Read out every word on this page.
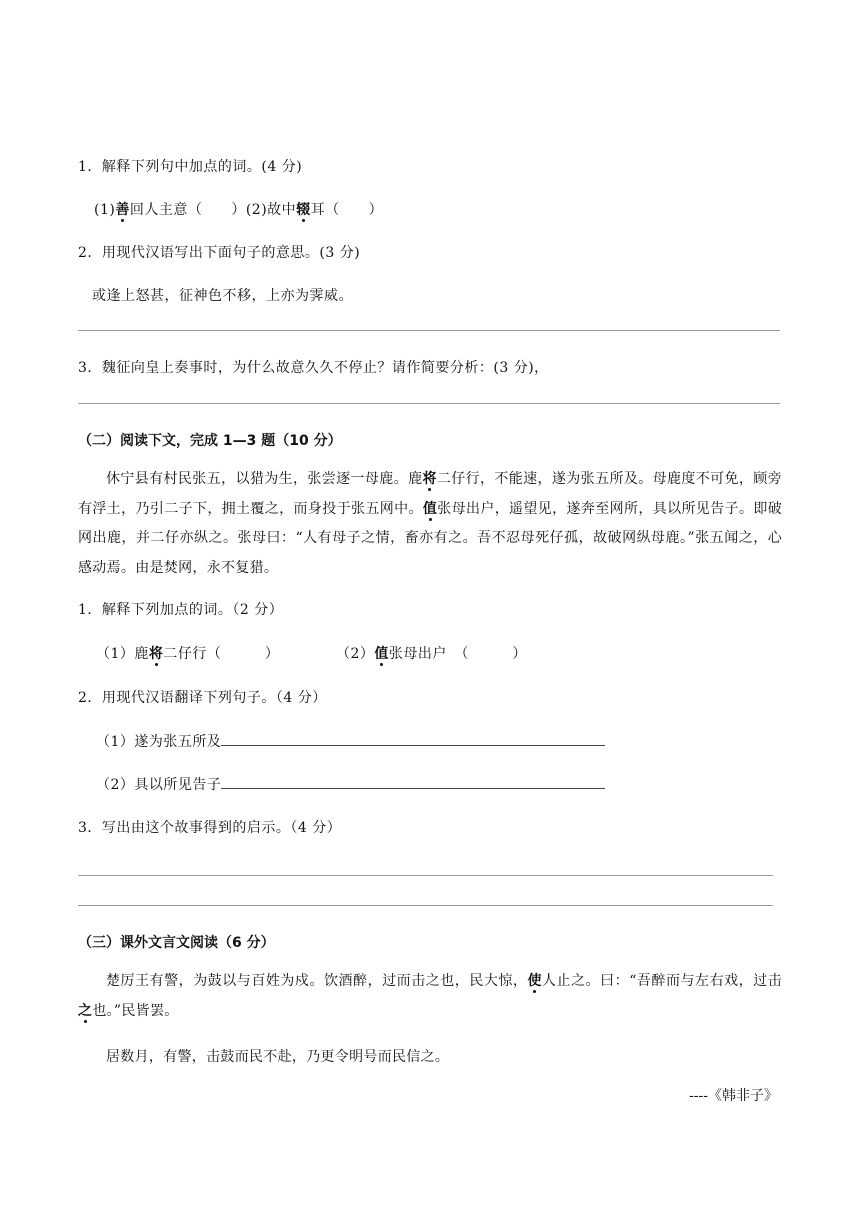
1．解释下列句中加点的词。(4 分)
(1)善回人主意（　　）(2)故中辍耳（　　）
2．用现代汉语写出下面句子的意思。(3 分)
或逢上怒甚，征神色不移，上亦为霁威。
3．魏征向皇上奏事时，为什么故意久久不停止？请作简要分析：(3 分)，
（二）阅读下文，完成 1—3 题（10 分）
休宁县有村民张五，以猎为生，张尝逐一母鹿。鹿将二仔行，不能速，遂为张五所及。母鹿度不可免，顾旁有浮土，乃引二子下，拥土覆之，而身投于张五网中。值张母出户，遥望见，遂奔至网所，具以所见告子。即破网出鹿，并二仔亦纵之。张母曰：“人有母子之情，畜亦有之。吾不忍母死仔孤，故破网纵母鹿。”张五闻之，心感动焉。由是焚网，永不复猎。
1．解释下列加点的词。（2 分）
（1）鹿将二仔行（　　　）	（2）值张母出户　（　　　）
2．用现代汉语翻译下列句子。（4 分）
（1）遂为张五所及
（2）具以所见告子
3．写出由这个故事得到的启示。（4 分）
（三）课外文言文阅读（6 分）
楚厉王有警，为鼓以与百姓为戍。饮酒醉，过而击之也，民大惊，使人止之。曰：“吾醉而与左右戏，过击之也。”民皆罢。
居数月，有警，击鼓而民不赴，乃更令明号而民信之。
----《韩非子》
